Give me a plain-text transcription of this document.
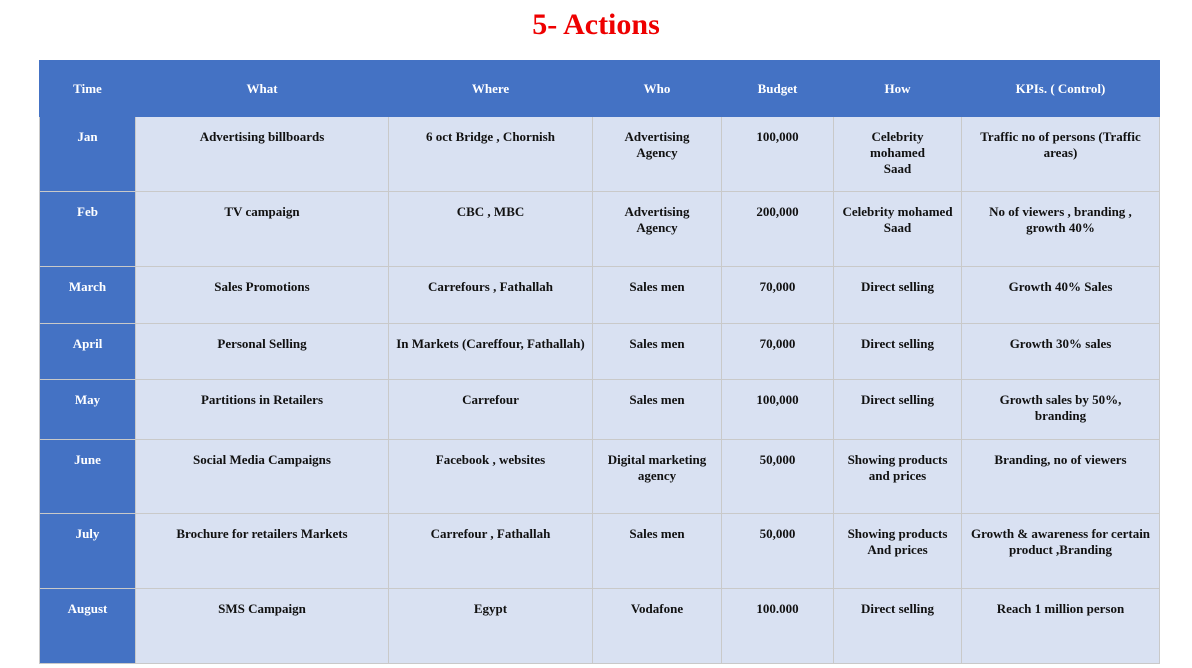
5- Actions
Time	What	Where	Who	Budget	How	KPIs. ( Control)
Jan	Advertising billboards	6 oct Bridge , Chornish	Advertising Agency	100,000	Celebrity mohamed Saad	Traffic no of persons (Traffic areas)
Feb	TV campaign	CBC , MBC	Advertising Agency	200,000	Celebrity mohamed Saad	No of viewers , branding , growth 40%
March	Sales Promotions	Carrefours , Fathallah	Sales men	70,000	Direct selling	Growth 40% Sales
April	Personal Selling	In Markets (Careffour, Fathallah)	Sales men	70,000	Direct selling	Growth 30% sales
May	Partitions in Retailers	Carrefour	Sales men	100,000	Direct selling	Growth sales by 50%, branding
June	Social Media Campaigns	Facebook , websites	Digital marketing agency	50,000	Showing products and prices	Branding, no of viewers
July	Brochure for retailers Markets	Carrefour , Fathallah	Sales men	50,000	Showing products And prices	Growth & awareness for certain product ,Branding
August	SMS Campaign	Egypt	Vodafone	100.000	Direct selling	Reach 1 million person
